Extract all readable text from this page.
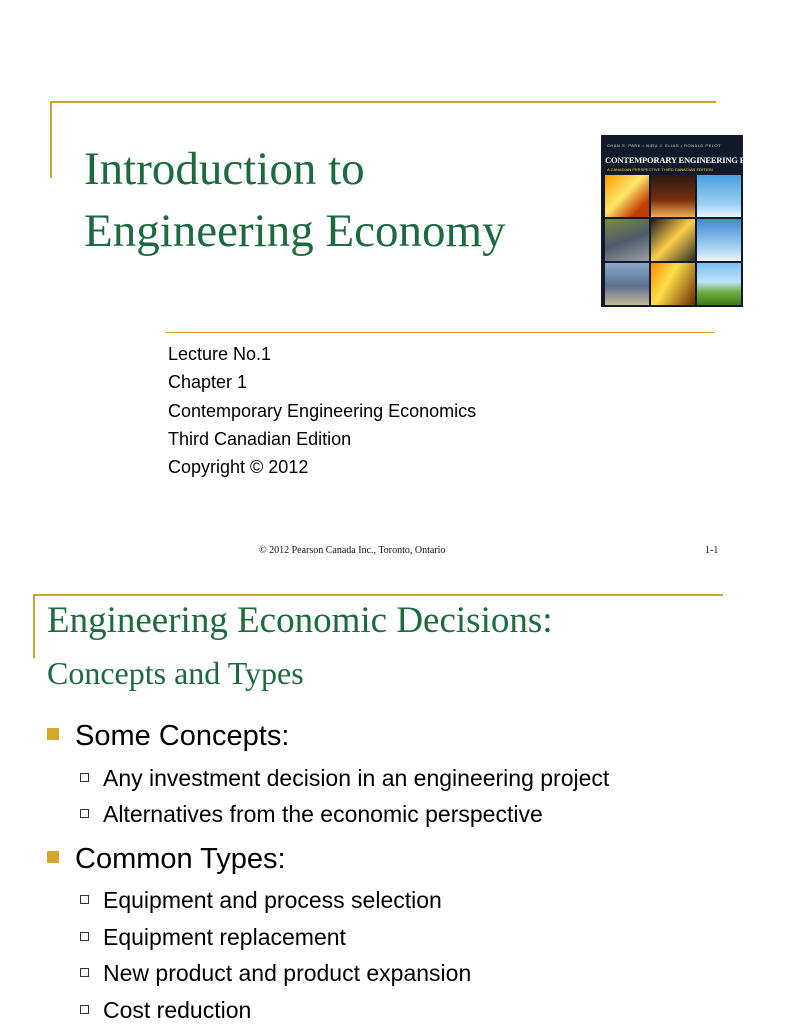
Introduction to
Engineering Economy
CHAN S. PARK • NIRU J. ELIAS • RONALD PELOT
CONTEMPORARY ENGINEERING ECONOMICS
A CANADIAN PERSPECTIVE THIRD CANADIAN EDITION
Lecture No.1
Chapter 1
Contemporary Engineering Economics
Third Canadian Edition
Copyright © 2012
© 2012 Pearson Canada Inc., Toronto, Ontario	1-1
Engineering Economic Decisions:
Concepts and Types
Some Concepts:
Any investment decision in an engineering project
Alternatives from the economic perspective
Common Types:
Equipment and process selection
Equipment replacement
New product and product expansion
Cost reduction
